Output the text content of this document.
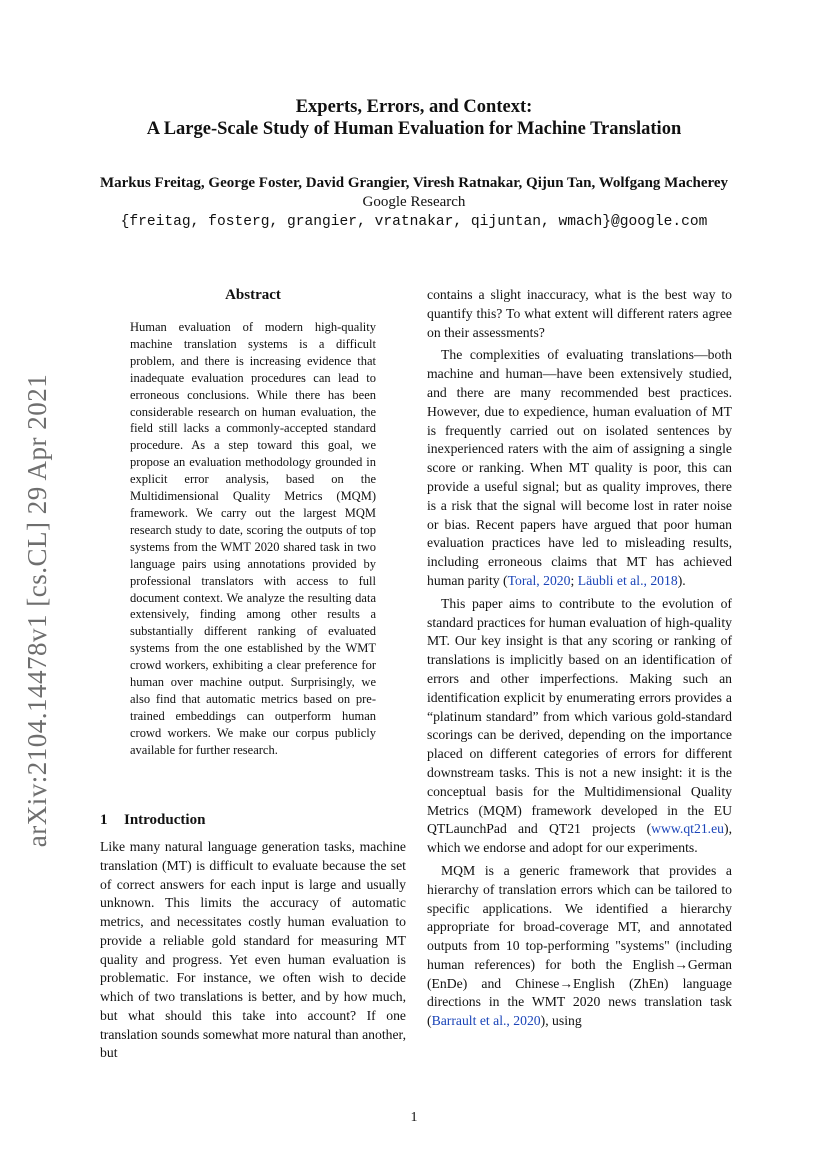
arXiv:2104.14478v1 [cs.CL] 29 Apr 2021
Experts, Errors, and Context:
A Large-Scale Study of Human Evaluation for Machine Translation
Markus Freitag, George Foster, David Grangier, Viresh Ratnakar, Qijun Tan, Wolfgang Macherey
Google Research
{freitag, fosterg, grangier, vratnakar, qijuntan, wmach}@google.com
Abstract
Human evaluation of modern high-quality machine translation systems is a difficult problem, and there is increasing evidence that inadequate evaluation procedures can lead to erroneous conclusions. While there has been considerable research on human evaluation, the field still lacks a commonly-accepted standard procedure. As a step toward this goal, we propose an evaluation methodology grounded in explicit error analysis, based on the Multidimensional Quality Metrics (MQM) framework. We carry out the largest MQM research study to date, scoring the outputs of top systems from the WMT 2020 shared task in two language pairs using annotations provided by professional translators with access to full document context. We analyze the resulting data extensively, finding among other results a substantially different ranking of evaluated systems from the one established by the WMT crowd workers, exhibiting a clear preference for human over machine output. Surprisingly, we also find that automatic metrics based on pre-trained embeddings can outperform human crowd workers. We make our corpus publicly available for further research.
1 Introduction
Like many natural language generation tasks, machine translation (MT) is difficult to evaluate because the set of correct answers for each input is large and usually unknown. This limits the accuracy of automatic metrics, and necessitates costly human evaluation to provide a reliable gold standard for measuring MT quality and progress. Yet even human evaluation is problematic. For instance, we often wish to decide which of two translations is better, and by how much, but what should this take into account? If one translation sounds somewhat more natural than another, but

contains a slight inaccuracy, what is the best way to quantify this? To what extent will different raters agree on their assessments?

The complexities of evaluating translations—both machine and human—have been extensively studied, and there are many recommended best practices. However, due to expedience, human evaluation of MT is frequently carried out on isolated sentences by inexperienced raters with the aim of assigning a single score or ranking. When MT quality is poor, this can provide a useful signal; but as quality improves, there is a risk that the signal will become lost in rater noise or bias. Recent papers have argued that poor human evaluation practices have led to misleading results, including erroneous claims that MT has achieved human parity (Toral, 2020; Läubli et al., 2018).

This paper aims to contribute to the evolution of standard practices for human evaluation of high-quality MT. Our key insight is that any scoring or ranking of translations is implicitly based on an identification of errors and other imperfections. Making such an identification explicit by enumerating errors provides a “platinum standard” from which various gold-standard scorings can be derived, depending on the importance placed on different categories of errors for different downstream tasks. This is not a new insight: it is the conceptual basis for the Multidimensional Quality Metrics (MQM) framework developed in the EU QTLaunchPad and QT21 projects (www.qt21.eu), which we endorse and adopt for our experiments.

MQM is a generic framework that provides a hierarchy of translation errors which can be tailored to specific applications. We identified a hierarchy appropriate for broad-coverage MT, and annotated outputs from 10 top-performing "systems" (including human references) for both the English→German (EnDe) and Chinese→English (ZhEn) language directions in the WMT 2020 news translation task (Barrault et al., 2020), using

1
